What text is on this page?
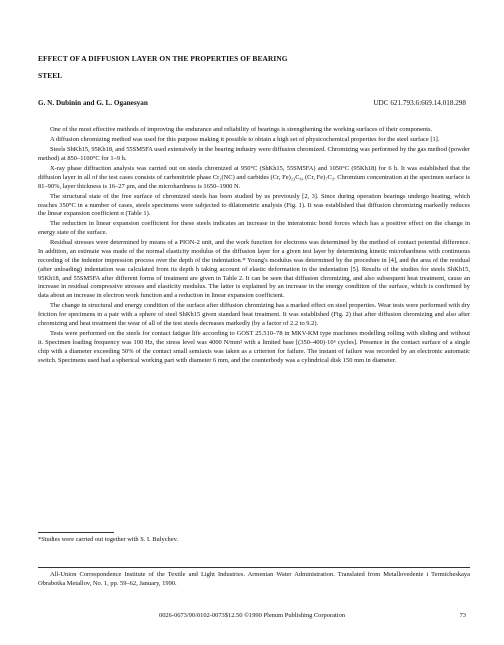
EFFECT OF A DIFFUSION LAYER ON THE PROPERTIES OF BEARING
STEEL
G. N. Dubinin and G. L. Oganesyan	UDC 621.793.6:669.14.018.298

One of the most effective methods of improving the endurance and reliability of bearings is strengthening the working surfaces of their components.

A diffusion chromizing method was used for this purpose making it possible to obtain a high set of physicochemical properties for the steel surface [1].

Steels ShKh15, 95Kh18, and 55SM5FA used extensively in the bearing industry were diffusion chromized. Chromizing was performed by the gas method (powder method) at 850–1100°C for 1–9 h.

X-ray phase diffraction analysis was carried out on steels chromized at 950°C (ShKh15, 55SM5FA) and 1050°C (95Kh18) for 6 h. It was established that the diffusion layer in all of the test cases consists of carbonitride phase Cr₂(NC) and carbides (Cr, Fe)₂₃C₆, (Cr, Fe)₇C₃. Chromium concentration at the specimen surface is 81–90%, layer thickness is 16–27 μm, and the microhardness is 1650–1900 N.

The structural state of the free surface of chromized steels has been studied by us previously [2, 3]. Since during operation bearings undergo heating, which reaches 350°C in a number of cases, steels specimens were subjected to dilatometric analysis (Fig. 1). It was established that diffusion chromizing markedly reduces the linear expansion coefficient α (Table 1).

The reduction in linear expansion coefficient for these steels indicates an increase in the interatomic bond forces which has a positive effect on the change in energy state of the surface.

Residual stresses were determined by means of a PION-2 unit, and the work function for electrons was determined by the method of contact potential difference. In addition, an estimate was made of the normal elasticity modulus of the diffusion layer for a given test layer by determining kinetic microhardness with continuous recording of the indentor impression process over the depth of the indentation.* Young's modulus was determined by the procedure in [4], and the area of the residual (after unloading) indentation was calculated from its depth h taking account of elastic deformation in the indentation [5]. Results of the studies for steels ShKh15, 95Kh18, and 55SM5FA after different forms of treatment are given in Table 2. It can be seen that diffusion chromizing, and also subsequent heat treatment, cause an increase in residual compressive stresses and elasticity modulus. The latter is explained by an increase in the energy condition of the surface, which is confirmed by data about an increase in electron work function and a reduction in linear expansion coefficient.

The change in structural and energy condition of the surface after diffusion chromizing has a marked effect on steel properties. Wear tests were performed with dry friction for specimens in a pair with a sphere of steel ShKh15 given standard heat treatment. It was established (Fig. 2) that after diffusion chromizing and also after chromizing and heat treatment the wear of all of the test steels decreases markedly (by a factor of 2.2 to 9.2).

Tests were performed on the steels for contact fatigue life according to GOST 25.510–78 in MKV-KM type machines modelling rolling with sliding and without it. Specimen loading frequency was 100 Hz, the stress level was 4000 N/mm² with a limited base [(350–400)·10⁶ cycles]. Presence in the contact surface of a single chip with a diameter exceeding 50% of the contact small semiaxis was taken as a criterion for failure. The instant of failure was recorded by an electronic automatic switch. Specimens used had a spherical working part with diameter 6 mm, and the counterbody was a cylindrical disk 150 mm in diameter.

*Studies were carried out together with S. I. Bulychev.

All-Union Correspondence Institute of the Textile and Light Industries. Armenian Water Administration. Translated from Metallovedenie i Termicheskaya Obrabotka Metallov, No. 1, pp. 59–62, January, 1990.

0026-0673/90/0102-0073$12.50 ©1990 Plenum Publishing Corporation	73
